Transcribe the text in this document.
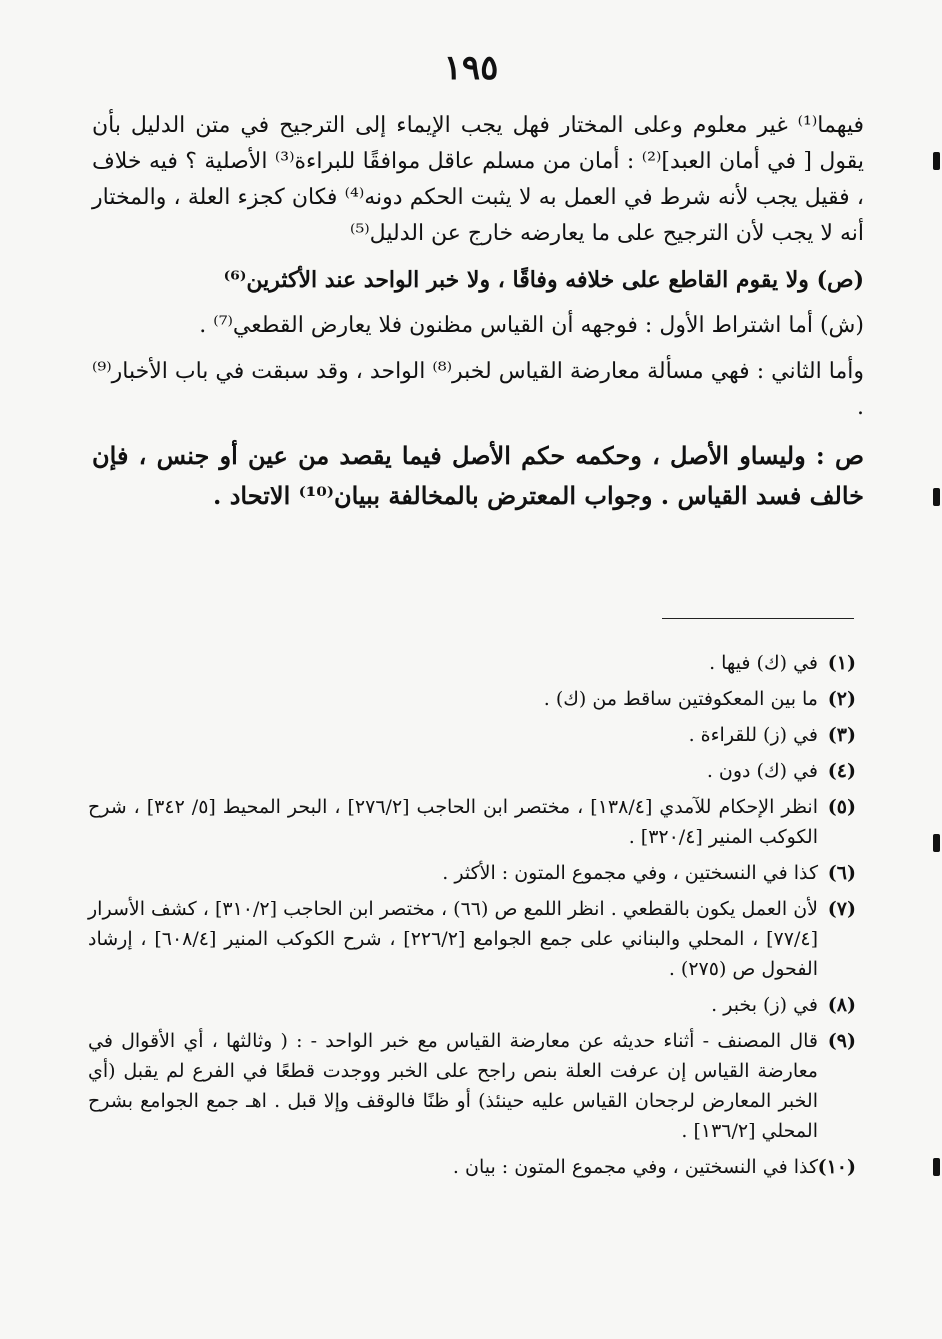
١٩٥

فيهما⁽¹⁾ غير معلوم وعلى المختار فهل يجب الإيماء إلى الترجيح في متن الدليل بأن يقول [ في أمان العبد]⁽²⁾ : أمان من مسلم عاقل موافقًا للبراءة⁽³⁾ الأصلية ؟ فيه خلاف ، فقيل يجب لأنه شرط في العمل به لا يثبت الحكم دونه⁽⁴⁾ فكان كجزء العلة ، والمختار أنه لا يجب لأن الترجيح على ما يعارضه خارج عن الدليل⁽⁵⁾

(ص) ولا يقوم القاطع على خلافه وفاقًا ، ولا خبر الواحد عند الأكثرين⁽⁶⁾

(ش) أما اشتراط الأول : فوجهه أن القياس مظنون فلا يعارض القطعي⁽⁷⁾ .

وأما الثاني : فهي مسألة معارضة القياس لخبر⁽⁸⁾ الواحد ، وقد سبقت في باب الأخبار⁽⁹⁾ .

ص : وليساو الأصل ، وحكمه حكم الأصل فيما يقصد من عين أو جنس ، فإن خالف فسد القياس . وجواب المعترض بالمخالفة ببيان⁽¹⁰⁾ الاتحاد .

(١)
في (ك) فيها .
(٢)
ما بين المعكوفتين ساقط من (ك) .
(٣)
في (ز) للقراءة .
(٤)
في (ك) دون .
(٥)
انظر الإحكام للآمدي [١٣٨/٤] ، مختصر ابن الحاجب [٢٧٦/٢] ، البحر المحيط [٥/ ٣٤٢] ، شرح الكوكب المنير [٣٢٠/٤] .
(٦)
كذا في النسختين ، وفي مجموع المتون : الأكثر .
(٧)
لأن العمل يكون بالقطعي . انظر اللمع ص (٦٦) ، مختصر ابن الحاجب [٣١٠/٢] ، كشف الأسرار [٧٧/٤] ، المحلي والبناني على جمع الجوامع [٢٢٦/٢] ، شرح الكوكب المنير [٦٠٨/٤] ، إرشاد الفحول ص (٢٧٥) .
(٨)
في (ز) بخبر .
(٩)
قال المصنف - أثناء حديثه عن معارضة القياس مع خبر الواحد - : ( وثالثها ، أي الأقوال في معارضة القياس إن عرفت العلة بنص راجح على الخبر ووجدت قطعًا في الفرع لم يقبل (أي الخبر المعارض لرجحان القياس عليه حينئذ) أو ظنًا فالوقف وإلا قبل . اهـ جمع الجوامع بشرح المحلي [١٣٦/٢] .
(١٠)
كذا في النسختين ، وفي مجموع المتون : بيان .
